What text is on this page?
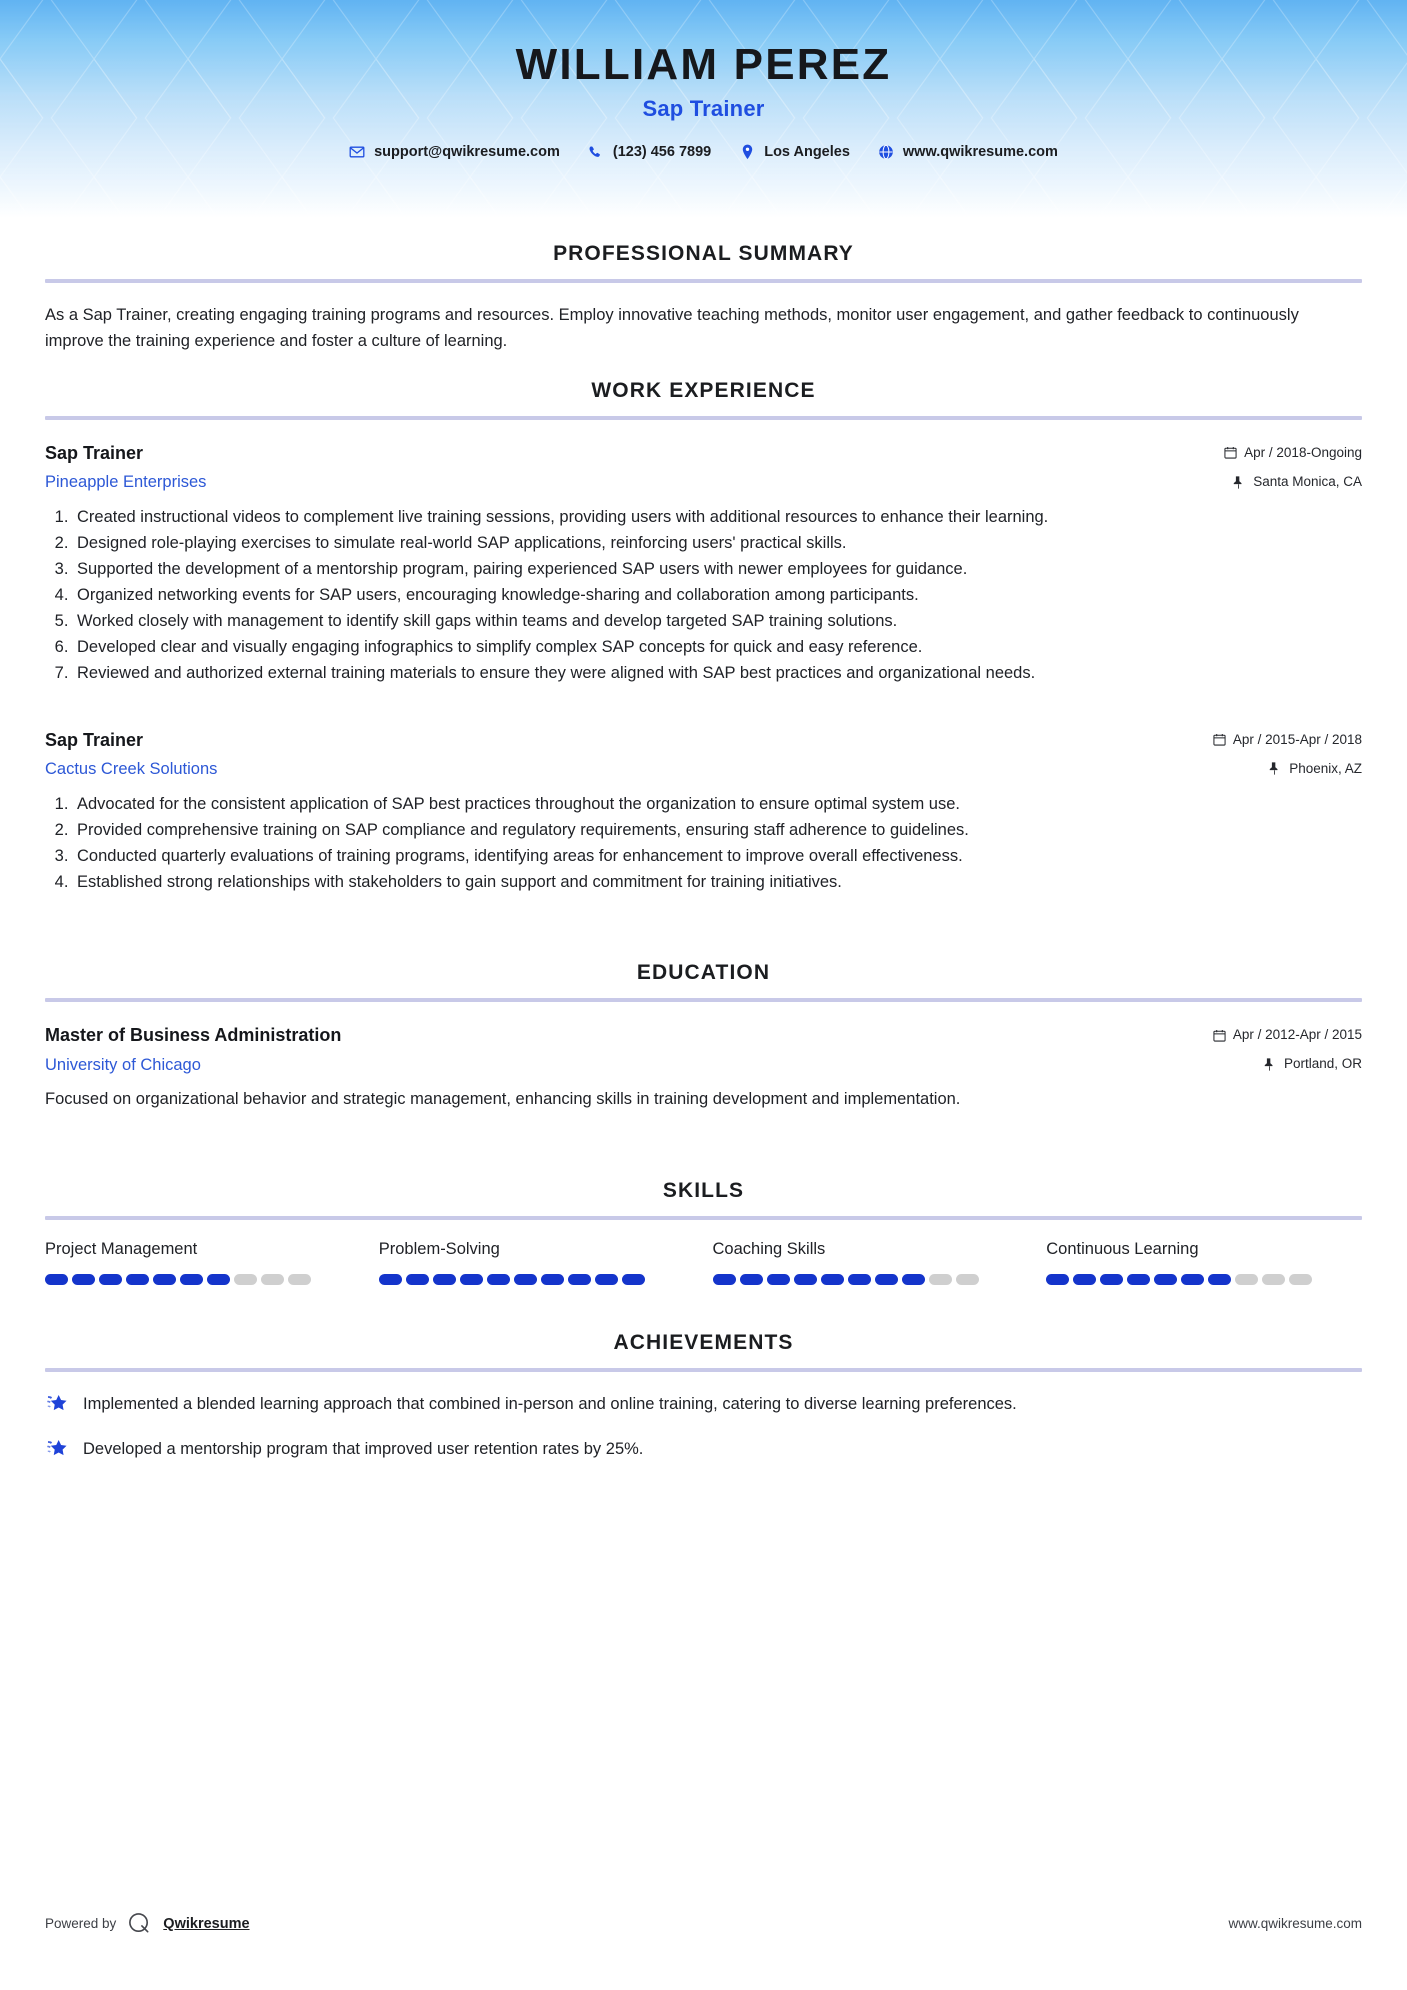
WILLIAM PEREZ
Sap Trainer
support@qwikresume.com	(123) 456 7899	Los Angeles	www.qwikresume.com
PROFESSIONAL SUMMARY

As a Sap Trainer, creating engaging training programs and resources. Employ innovative teaching methods, monitor user engagement, and gather feedback to continuously improve the training experience and foster a culture of learning.

WORK EXPERIENCE
Sap Trainer
Pineapple Enterprises
Apr / 2018-Ongoing
Santa Monica, CA
1. Created instructional videos to complement live training sessions, providing users with additional resources to enhance their learning.
2. Designed role-playing exercises to simulate real-world SAP applications, reinforcing users' practical skills.
3. Supported the development of a mentorship program, pairing experienced SAP users with newer employees for guidance.
4. Organized networking events for SAP users, encouraging knowledge-sharing and collaboration among participants.
5. Worked closely with management to identify skill gaps within teams and develop targeted SAP training solutions.
6. Developed clear and visually engaging infographics to simplify complex SAP concepts for quick and easy reference.
7. Reviewed and authorized external training materials to ensure they were aligned with SAP best practices and organizational needs.
Sap Trainer
Cactus Creek Solutions
Apr / 2015-Apr / 2018
Phoenix, AZ
1. Advocated for the consistent application of SAP best practices throughout the organization to ensure optimal system use.
2. Provided comprehensive training on SAP compliance and regulatory requirements, ensuring staff adherence to guidelines.
3. Conducted quarterly evaluations of training programs, identifying areas for enhancement to improve overall effectiveness.
4. Established strong relationships with stakeholders to gain support and commitment for training initiatives.
EDUCATION
Master of Business Administration
University of Chicago
Apr / 2012-Apr / 2015
Portland, OR

Focused on organizational behavior and strategic management, enhancing skills in training development and implementation.

SKILLS
Project Management	Problem-Solving	Coaching Skills	Continuous Learning
ACHIEVEMENTS
Implemented a blended learning approach that combined in-person and online training, catering to diverse learning preferences.
Developed a mentorship program that improved user retention rates by 25%.
Powered by	Qwikresume	www.qwikresume.com
